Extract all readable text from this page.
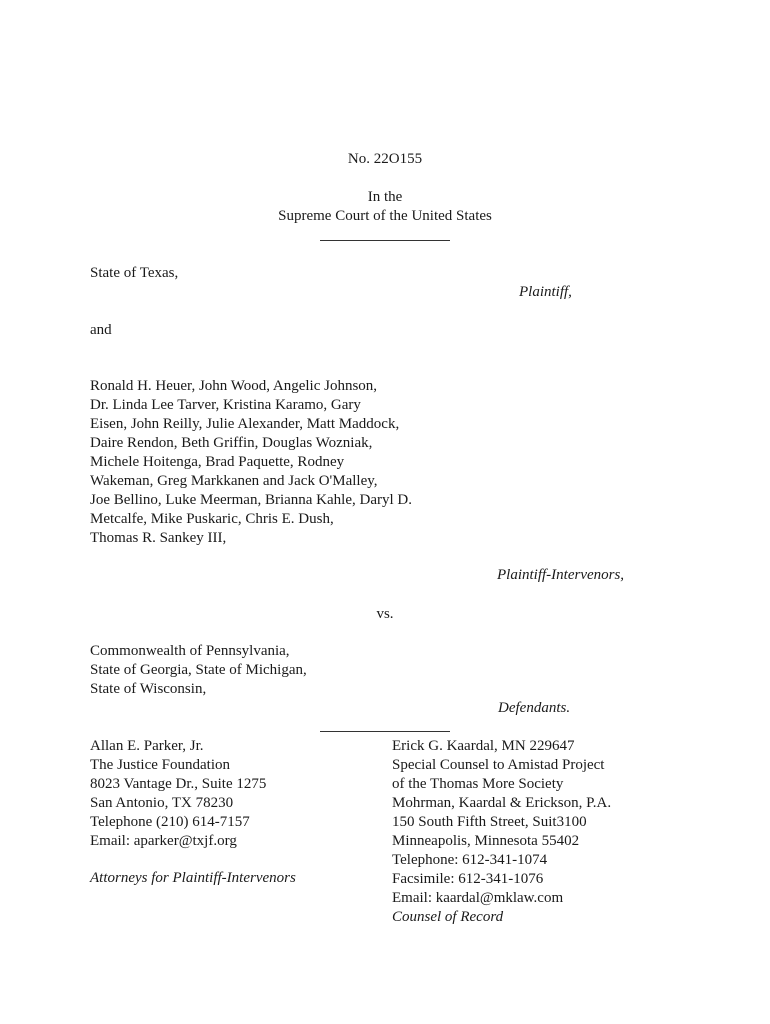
No. 22O155
In the
Supreme Court of the United States
State of Texas,
Plaintiff,
and
Ronald H. Heuer, John Wood, Angelic Johnson,
Dr. Linda Lee Tarver, Kristina Karamo, Gary
Eisen, John Reilly, Julie Alexander, Matt Maddock,
Daire Rendon, Beth Griffin, Douglas Wozniak,
Michele Hoitenga, Brad Paquette, Rodney
Wakeman, Greg Markkanen and Jack O'Malley,
Joe Bellino, Luke Meerman, Brianna Kahle, Daryl D.
Metcalfe, Mike Puskaric, Chris E. Dush,
Thomas R. Sankey III,
Plaintiff-Intervenors,
vs.
Commonwealth of Pennsylvania,
State of Georgia, State of Michigan,
State of Wisconsin,
Defendants.
Allan E. Parker, Jr.
The Justice Foundation
8023 Vantage Dr., Suite 1275
San Antonio, TX 78230
Telephone (210) 614-7157
Email: aparker@txjf.org
Attorneys for Plaintiff-Intervenors
Erick G. Kaardal, MN 229647
Special Counsel to Amistad Project
of the Thomas More Society
Mohrman, Kaardal & Erickson, P.A.
150 South Fifth Street, Suit3100
Minneapolis, Minnesota 55402
Telephone: 612-341-1074
Facsimile: 612-341-1076
Email: kaardal@mklaw.com
Counsel of Record
